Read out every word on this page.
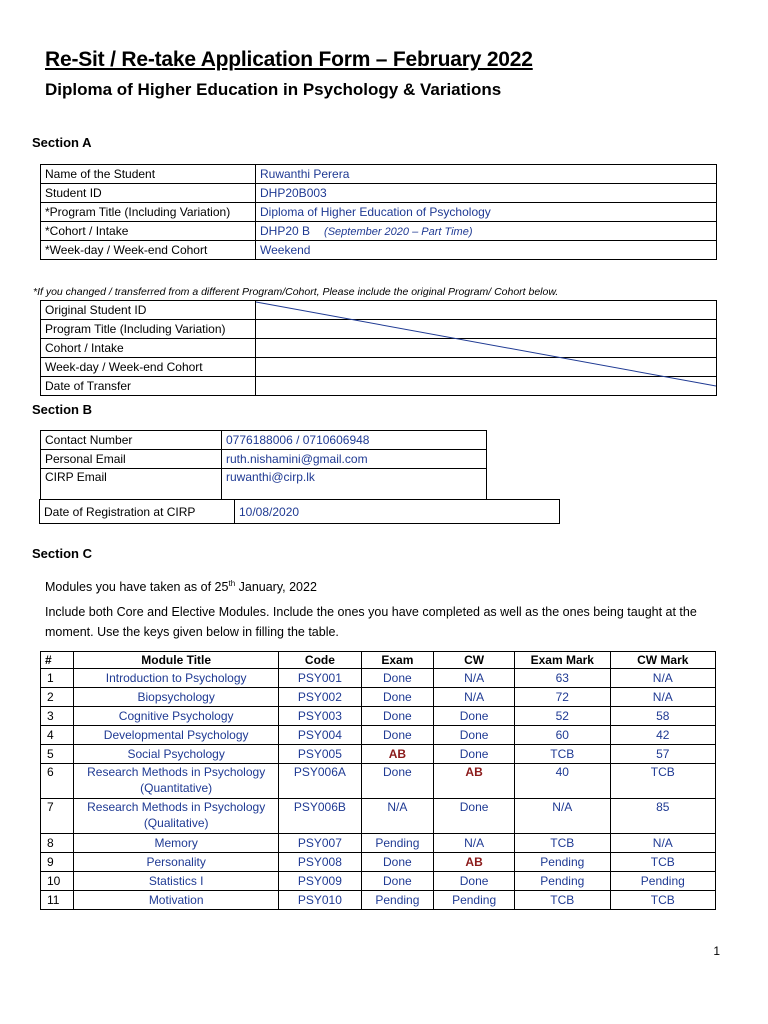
Re-Sit / Re-take Application Form – February 2022
Diploma of Higher Education in Psychology & Variations
Section A
Name of the Student	Ruwanthi Perera
Student ID	DHP20B003
*Program Title (Including Variation)	Diploma of Higher Education of Psychology
*Cohort / Intake	DHP20 B (September 2020 – Part Time)
*Week-day / Week-end Cohort	Weekend
*If you changed / transferred from a different Program/Cohort, Please include the original Program/ Cohort below.
Original Student ID	
Program Title (Including Variation)	
Cohort / Intake	
Week-day / Week-end Cohort	
Date of Transfer	
Section B
Contact Number	0776188006 / 0710606948
Personal Email	ruth.nishamini@gmail.com
CIRP Email	ruwanthi@cirp.lk
Date of Registration at CIRP	10/08/2020
Section C
Modules you have taken as of 25th January, 2022
Include both Core and Elective Modules. Include the ones you have completed as well as the ones being taught at the moment. Use the keys given below in filling the table.
#	Module Title	Code	Exam	CW	Exam Mark	CW Mark
1	Introduction to Psychology	PSY001	Done	N/A	63	N/A
2	Biopsychology	PSY002	Done	N/A	72	N/A
3	Cognitive Psychology	PSY003	Done	Done	52	58
4	Developmental Psychology	PSY004	Done	Done	60	42
5	Social Psychology	PSY005	AB	Done	TCB	57
6	Research Methods in Psychology
(Quantitative)	PSY006A	Done	AB	40	TCB
7	Research Methods in Psychology
(Qualitative)	PSY006B	N/A	Done	N/A	85
8	Memory	PSY007	Pending	N/A	TCB	N/A
9	Personality	PSY008	Done	AB	Pending	TCB
10	Statistics I	PSY009	Done	Done	Pending	Pending
11	Motivation	PSY010	Pending	Pending	TCB	TCB
1
